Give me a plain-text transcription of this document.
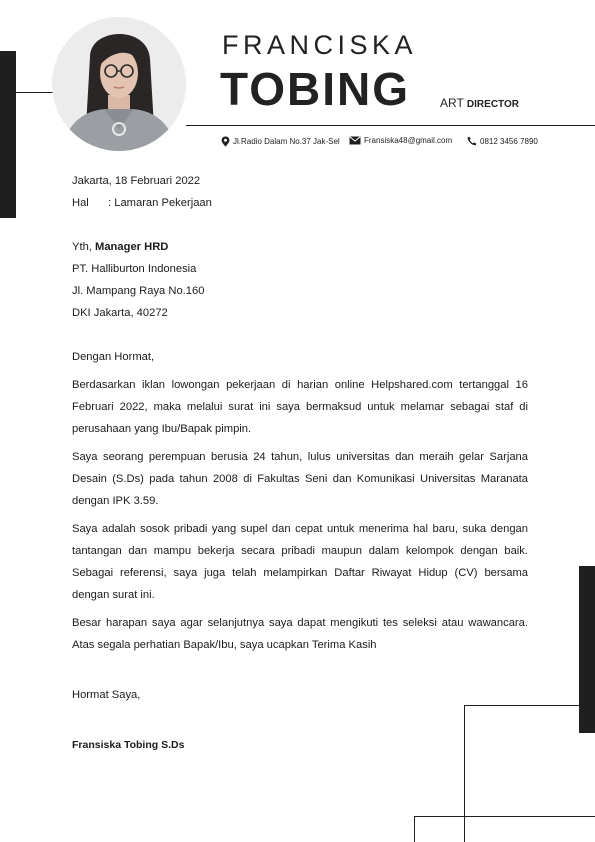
FRANCISKA
TOBING ART DIRECTOR
Jl.Radio Dalam No.37 Jak-Sel	Fransiska48@gmail.com	0812 3456 7890

Jakarta, 18 Februari 2022

Hal : Lamaran Pekerjaan

Yth, Manager HRD

PT. Halliburton Indonesia

Jl. Mampang Raya No.160

DKI Jakarta, 40272

Dengan Hormat,

Berdasarkan iklan lowongan pekerjaan di harian online Helpshared.com tertanggal 16 Februari 2022, maka melalui surat ini saya bermaksud untuk melamar sebagai staf di perusahaan yang Ibu/Bapak pimpin.

Saya seorang perempuan berusia 24 tahun, lulus universitas dan meraih gelar Sarjana Desain (S.Ds) pada tahun 2008 di Fakultas Seni dan Komunikasi Universitas Maranata dengan IPK 3.59.

Saya adalah sosok pribadi yang supel dan cepat untuk menerima hal baru, suka dengan tantangan dan mampu bekerja secara pribadi maupun dalam kelompok dengan baik. Sebagai referensi, saya juga telah melampirkan Daftar Riwayat Hidup (CV) bersama dengan surat ini.

Besar harapan saya agar selanjutnya saya dapat mengikuti tes seleksi atau wawancara. Atas segala perhatian Bapak/Ibu, saya ucapkan Terima Kasih

Hormat Saya,

Fransiska Tobing S.Ds
